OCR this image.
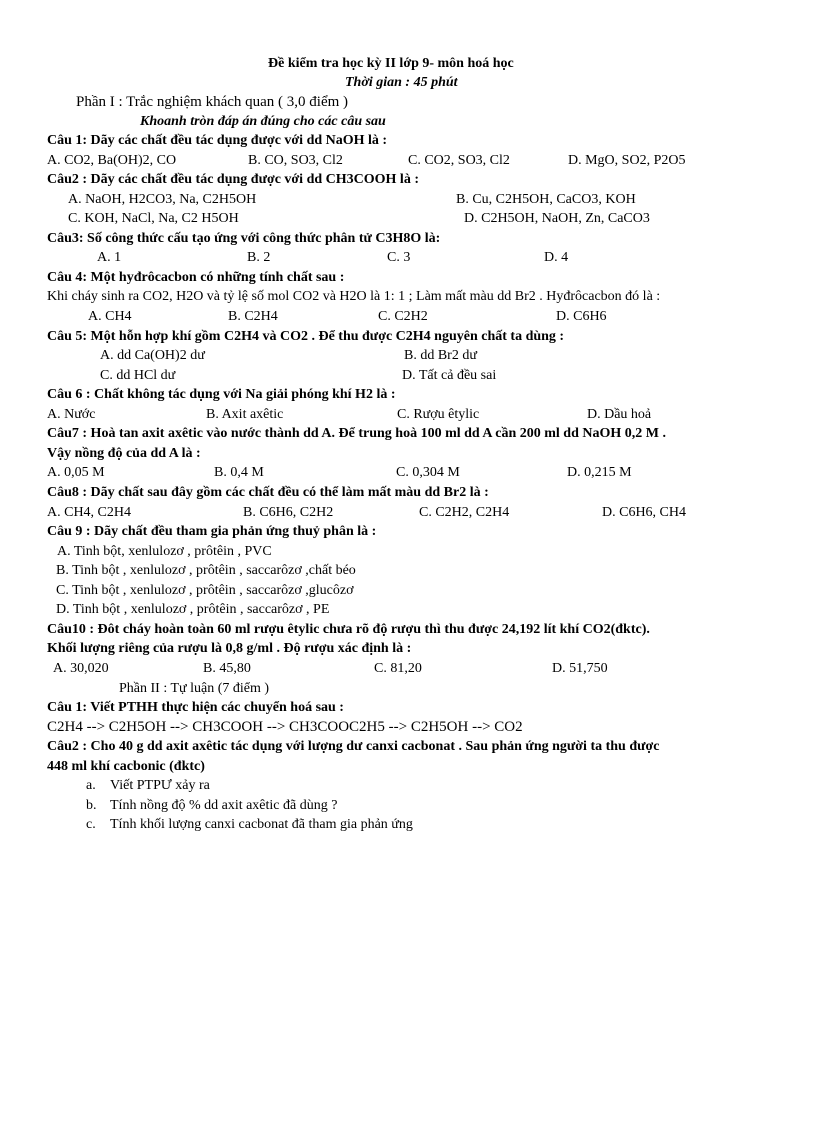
Đề kiểm tra học kỳ II lớp 9- môn hoá học
Thời gian : 45 phút
Phần I : Trắc nghiệm khách quan ( 3,0 điểm )
Khoanh tròn đáp án đúng cho các câu sau
Câu 1: Dãy các chất đều tác dụng được với dd NaOH là :
A. CO2, Ba(OH)2, CO	B. CO, SO3, Cl2	C. CO2, SO3, Cl2	D. MgO, SO2, P2O5
Câu2 : Dãy các chất đều tác dụng được với dd CH3COOH là :
A. NaOH, H2CO3, Na, C2H5OH	B. Cu, C2H5OH, CaCO3, KOH
C. KOH, NaCl, Na, C2 H5OH	D. C2H5OH, NaOH, Zn, CaCO3
Câu3: Số công thức cấu tạo ứng với công thức phân tử C3H8O là:
A. 1	B. 2	C. 3	D. 4
Câu 4: Một hyđrôcacbon có những tính chất sau :
Khi cháy sinh ra CO2, H2O và tỷ lệ số mol CO2 và H2O là 1: 1 ; Làm mất màu dd Br2 . Hyđrôcacbon đó là :
A. CH4	B. C2H4	C. C2H2	D. C6H6
Câu 5: Một hỗn hợp khí gồm C2H4 và CO2 . Để thu được C2H4 nguyên chất ta dùng :
A. dd Ca(OH)2 dư	B. dd Br2 dư
C. dd HCl dư	D. Tất cả đều sai
Câu 6 : Chất không tác dụng với Na giải phóng khí H2 là :
A. Nước	B. Axit axêtic	C. Rượu êtylic	D. Dầu hoả
Câu7 : Hoà tan axit axêtic vào nước thành dd A. Để trung hoà 100 ml dd A cần 200 ml dd NaOH 0,2 M .
Vậy nồng độ của dd A là :
A. 0,05 M	B. 0,4 M	C. 0,304 M	D. 0,215 M
Câu8 : Dãy chất sau đây gồm các chất đều có thể làm mất màu dd Br2 là :
A. CH4, C2H4	B. C6H6, C2H2	C. C2H2, C2H4	D. C6H6, CH4
Câu 9 : Dãy chất đều tham gia phản ứng thuỷ phân là :
A. Tinh bột, xenlulozơ , prôtêin , PVC
B. Tinh bột , xenlulozơ , prôtêin , saccarôzơ ,chất béo
C. Tinh bột , xenlulozơ , prôtêin , saccarôzơ ,glucôzơ
D. Tinh bột , xenlulozơ , prôtêin , saccarôzơ , PE
Câu10 : Đôt cháy hoàn toàn 60 ml rượu êtylic chưa rõ độ rượu thì thu được 24,192 lít khí CO2(đktc).
Khối lượng riêng của rượu là 0,8 g/ml . Độ rượu xác định là :
A. 30,020	B. 45,80	C. 81,20	D. 51,750
Phần II : Tự luận (7 điểm )
Câu 1: Viết PTHH thực hiện các chuyển hoá sau :
C2H4 --> C2H5OH --> CH3COOH --> CH3COOC2H5 --> C2H5OH --> CO2
Câu2 : Cho 40 g dd axit axêtic tác dụng với lượng dư canxi cacbonat . Sau phản ứng người ta thu được
448 ml khí cacbonic (đktc)
a. Viết PTPƯ xảy ra
b. Tính nồng độ % dd axit axêtic đã dùng ?
c. Tính khối lượng canxi cacbonat đã tham gia phản ứng
